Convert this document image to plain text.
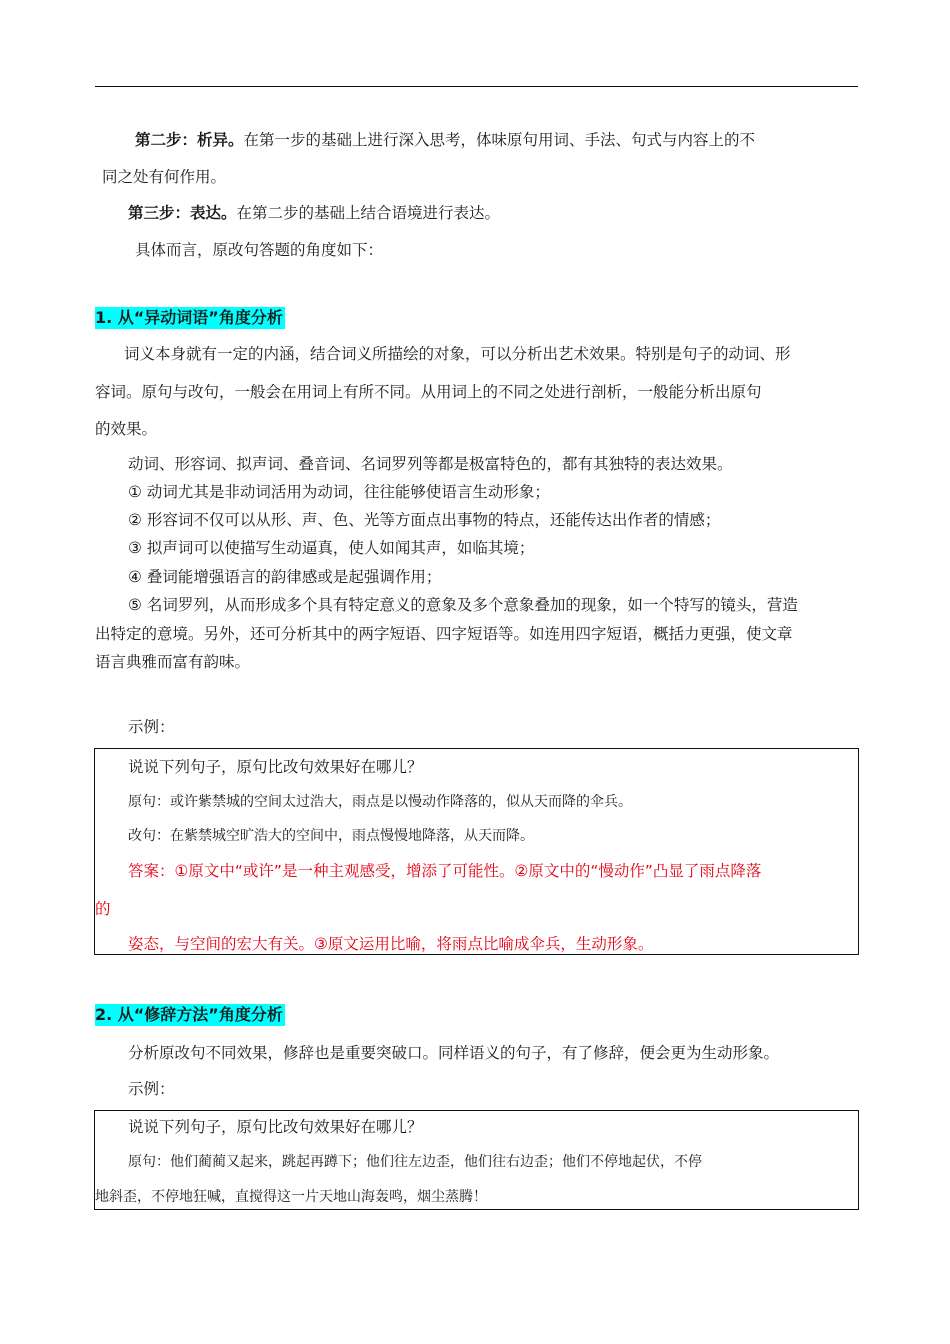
第二步：析异。在第一步的基础上进行深入思考，体味原句用词、手法、句式与内容上的不
同之处有何作用。
第三步：表达。在第二步的基础上结合语境进行表达。
具体而言，原改句答题的角度如下：
1. 从“异动词语”角度分析
词义本身就有一定的内涵，结合词义所描绘的对象，可以分析出艺术效果。特别是句子的动词、形
容词。原句与改句，一般会在用词上有所不同。从用词上的不同之处进行剖析，一般能分析出原句
的效果。
动词、形容词、拟声词、叠音词、名词罗列等都是极富特色的，都有其独特的表达效果。
① 动词尤其是非动词活用为动词，往往能够使语言生动形象；
② 形容词不仅可以从形、声、色、光等方面点出事物的特点，还能传达出作者的情感；
③ 拟声词可以使描写生动逼真，使人如闻其声，如临其境；
④ 叠词能增强语言的韵律感或是起强调作用；
⑤ 名词罗列，从而形成多个具有特定意义的意象及多个意象叠加的现象，如一个特写的镜头，营造
出特定的意境。另外，还可分析其中的两字短语、四字短语等。如连用四字短语，概括力更强，使文章
语言典雅而富有韵味。
示例：
说说下列句子，原句比改句效果好在哪儿？
原句：或许紫禁城的空间太过浩大，雨点是以慢动作降落的，似从天而降的伞兵。
改句：在紫禁城空旷浩大的空间中，雨点慢慢地降落，从天而降。
答案：①原文中“或许”是一种主观感受，增添了可能性。②原文中的“慢动作”凸显了雨点降落
的
姿态，与空间的宏大有关。③原文运用比喻，将雨点比喻成伞兵，生动形象。
2. 从“修辞方法”角度分析
分析原改句不同效果，修辞也是重要突破口。同样语义的句子，有了修辞，便会更为生动形象。
示例：
说说下列句子，原句比改句效果好在哪儿？
原句：他们蔺蔺又起来，跳起再蹲下；他们往左边歪，他们往右边歪；他们不停地起伏，不停
地斜歪，不停地狂喊，直搅得这一片天地山海轰鸣，烟尘蒸腾！
